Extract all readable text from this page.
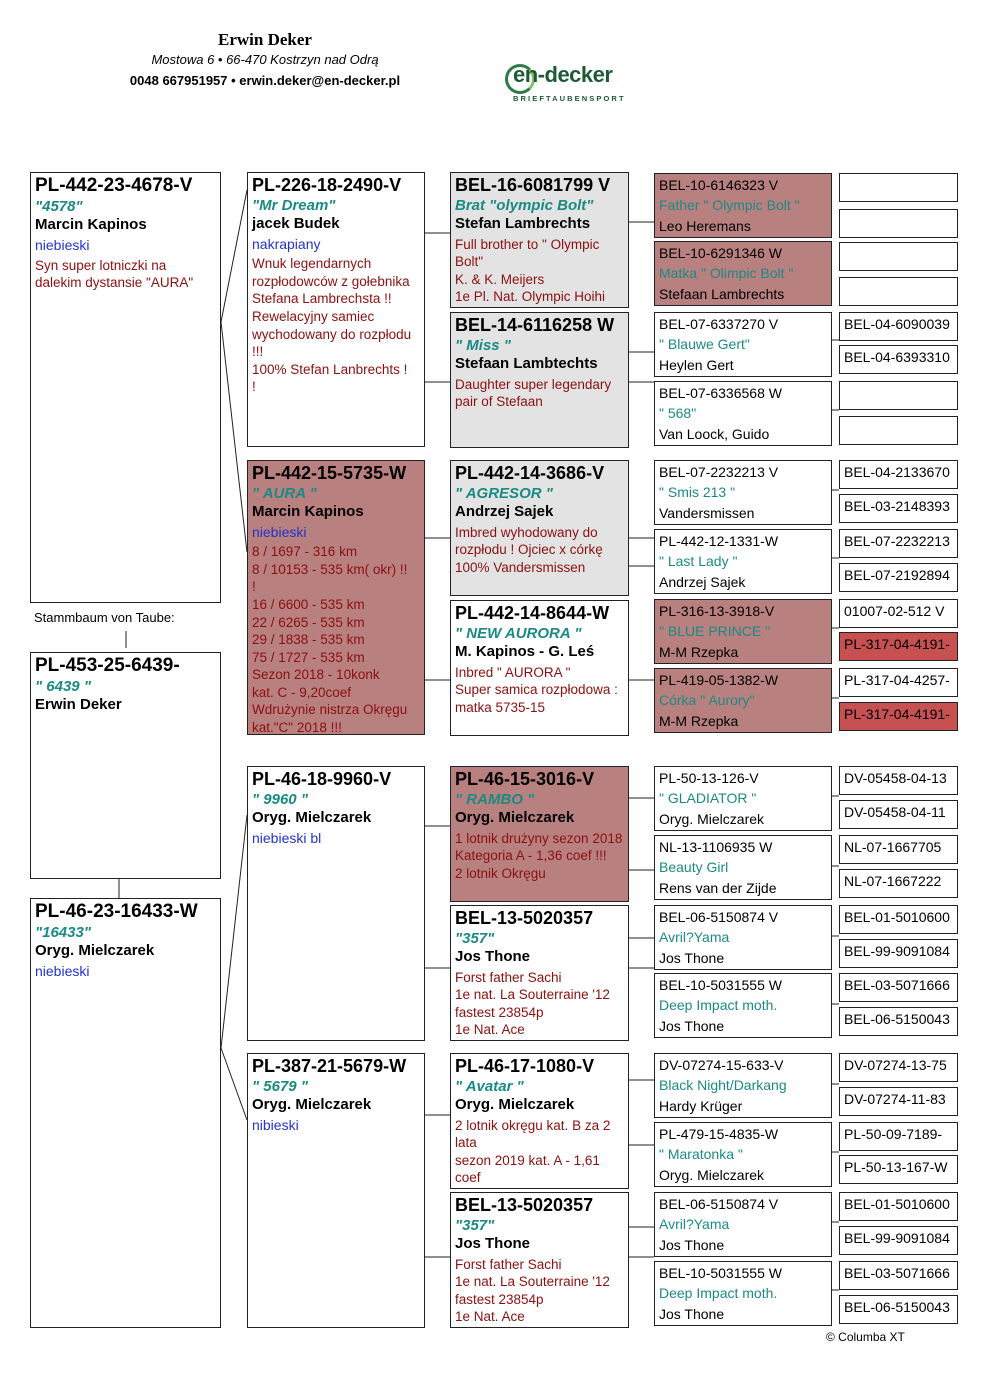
Erwin Deker
Mostowa 6 • 66-470 Kostrzyn nad Odrą
0048 667951957 • erwin.deker@en-decker.pl	en-decker
BRIEFTAUBENSPORT
PL-442-23-4678-V
"4578"
Marcin Kapinos
niebieski
Syn super lotniczki na dalekim dystansie "AURA"
Stammbaum von Taube:
PL-453-25-6439-
" 6439 "
Erwin Deker
PL-46-23-16433-W
"16433"
Oryg. Mielczarek
niebieski
PL-226-18-2490-V
"Mr Dream"
jacek Budek
nakrapiany
Wnuk legendarnych rozpłodowców z gołebnika
Stefana Lambrechsta !!
Rewelacyjny samiec wychodowany do rozpłodu !!!
100% Stefan Lanbrechts !
!
PL-442-15-5735-W
" AURA "
Marcin Kapinos
niebieski
8 / 1697 - 316 km
8 / 10153 - 535 km( okr) !!
!
16 / 6600 - 535 km
22 / 6265 - 535 km
29 / 1838 - 535 km
75 / 1727 - 535 km
Sezon 2018 - 10konk
kat. C - 9,20coef
Wdrużynie nistrza Okręgu
kat."C" 2018 !!!
PL-46-18-9960-V
" 9960 "
Oryg. Mielczarek
niebieski bl
PL-387-21-5679-W
" 5679 "
Oryg. Mielczarek
nibieski
BEL-16-6081799 V
Brat "olympic Bolt"
Stefan Lambrechts
Full brother to " Olympic Bolt"
K. & K. Meijers
1e Pl. Nat. Olympic Hoihi
BEL-14-6116258 W
" Miss "
Stefaan Lambtechts
Daughter super legendary pair of Stefaan
PL-442-14-3686-V
" AGRESOR "
Andrzej Sajek
Imbred wyhodowany do rozpłodu ! Ojciec x córkę
100% Vandersmissen
PL-442-14-8644-W
" NEW AURORA "
M. Kapinos - G. Leś
Inbred " AURORA "
Super samica rozpłodowa :
matka 5735-15
PL-46-15-3016-V
" RAMBO "
Oryg. Mielczarek
1 lotnik drużyny sezon 2018
Kategoria A - 1,36 coef !!!
2 lotnik Okręgu
BEL-13-5020357
"357"
Jos Thone
Forst father Sachi
1e nat. La Souterraine '12
fastest 23854p
1e Nat. Ace
PL-46-17-1080-V
" Avatar "
Oryg. Mielczarek
2 lotnik okręgu kat. B za 2 lata
sezon 2019 kat. A - 1,61
coef
BEL-13-5020357
"357"
Jos Thone
Forst father Sachi
1e nat. La Souterraine '12
fastest 23854p
1e Nat. Ace
BEL-10-6146323 V
Father " Olympic Bolt "
Leo Heremans
BEL-10-6291346 W
Matka " Olimpic Bolt "
Stefaan Lambrechts
BEL-07-6337270 V
" Blauwe Gert"
Heylen Gert
BEL-07-6336568 W
" 568"
Van Loock, Guido
BEL-07-2232213 V
" Smis 213 "
Vandersmissen
PL-442-12-1331-W
" Last Lady "
Andrzej Sajek
PL-316-13-3918-V
" BLUE PRINCE "
M-M Rzepka
PL-419-05-1382-W
Córka " Aurory"
M-M Rzepka
PL-50-13-126-V
" GLADIATOR "
Oryg. Mielczarek
NL-13-1106935 W
Beauty Girl
Rens van der Zijde
BEL-06-5150874 V
Avril?Yama
Jos Thone
BEL-10-5031555 W
Deep Impact moth.
Jos Thone
DV-07274-15-633-V
Black Night/Darkang
Hardy Krüger
PL-479-15-4835-W
" Maratonka "
Oryg. Mielczarek
BEL-06-5150874 V
Avril?Yama
Jos Thone
BEL-10-5031555 W
Deep Impact moth.
Jos Thone
BEL-04-6090039
BEL-04-6393310
BEL-04-2133670
BEL-03-2148393
BEL-07-2232213
BEL-07-2192894
01007-02-512 V
PL-317-04-4191-
PL-317-04-4257-
PL-317-04-4191-
DV-05458-04-13
DV-05458-04-11
NL-07-1667705
NL-07-1667222
BEL-01-5010600
BEL-99-9091084
BEL-03-5071666
BEL-06-5150043
DV-07274-13-75
DV-07274-11-83
PL-50-09-7189-
PL-50-13-167-W
BEL-01-5010600
BEL-99-9091084
BEL-03-5071666
BEL-06-5150043
© Columba XT
